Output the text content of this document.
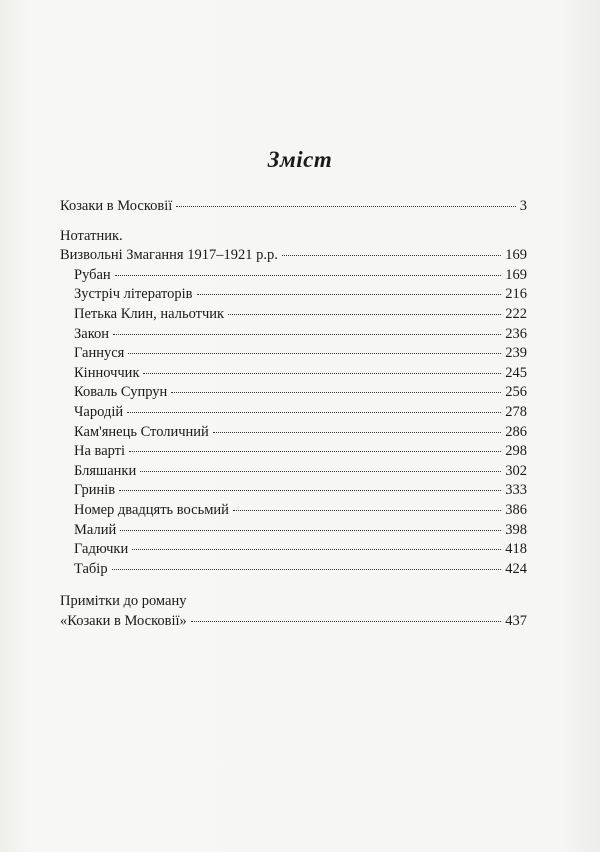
Зміст
Козаки в Московії	3
Нотатник.
Визвольні Змагання 1917–1921 р.р.	169
Рубан	169
Зустріч літераторів	216
Петька Клин, нальотчик	222
Закон	236
Ганнуся	239
Кінноччик	245
Коваль Супрун	256
Чародій	278
Кам'янець Столичний	286
На варті	298
Бляшанки	302
Гринів	333
Номер двадцять восьмий	386
Малий	398
Гадючки	418
Табір	424
Примітки до роману
«Козаки в Московії»	437
